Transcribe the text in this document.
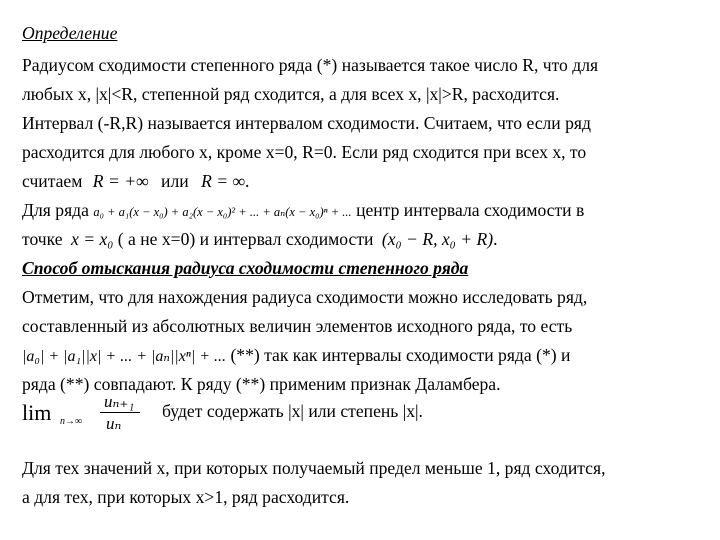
Определение
Радиусом сходимости степенного ряда (*) называется такое число R, что для
любых x, |x|<R, степенной ряд сходится, а для всех x, |x|>R, расходится.
Интервал (-R,R) называется интервалом сходимости. Считаем, что если ряд
расходится для любого x, кроме x=0, R=0. Если ряд сходится при всех x, то
считаем R = +∞ или R = ∞.
Для ряда a₀ + a₁(x − x₀) + a₂(x − x₀)² + ... + aₙ(x − x₀)ⁿ + ... центр интервала сходимости в
точке x = x₀ ( а не x=0) и интервал сходимости (x₀ − R, x₀ + R).
Способ отыскания радиуса сходимости степенного ряда
Отметим, что для нахождения радиуса сходимости можно исследовать ряд,
составленный из абсолютных величин элементов исходного ряда, то есть
|a₀| + |a₁||x| + ... + |aₙ||xⁿ| + ... (**) так как интервалы сходимости ряда (*) и
ряда (**) совпадают. К ряду (**) применим признак Даламбера.
lim n→∞
uₙ₊₁
uₙ
будет содержать |x| или степень |x|.
Для тех значений x, при которых получаемый предел меньше 1, ряд сходится,
а для тех, при которых x>1, ряд расходится.
